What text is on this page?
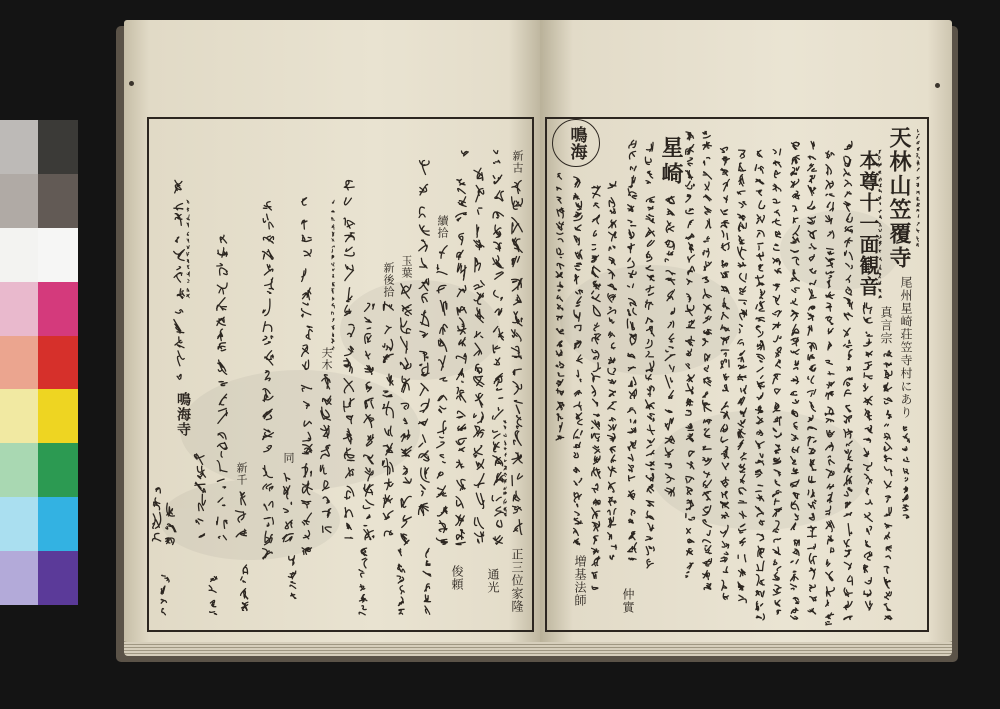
天林山笠覆寺
尾州星崎荘笠寺村にあり
真言宗
本尊十一面観音
星崎
鳴海
仲實
増基法師
新古
續拾
玉葉
新後拾
夫木
同
新千
正三位家隆
通光
俊頼
鳴海寺
